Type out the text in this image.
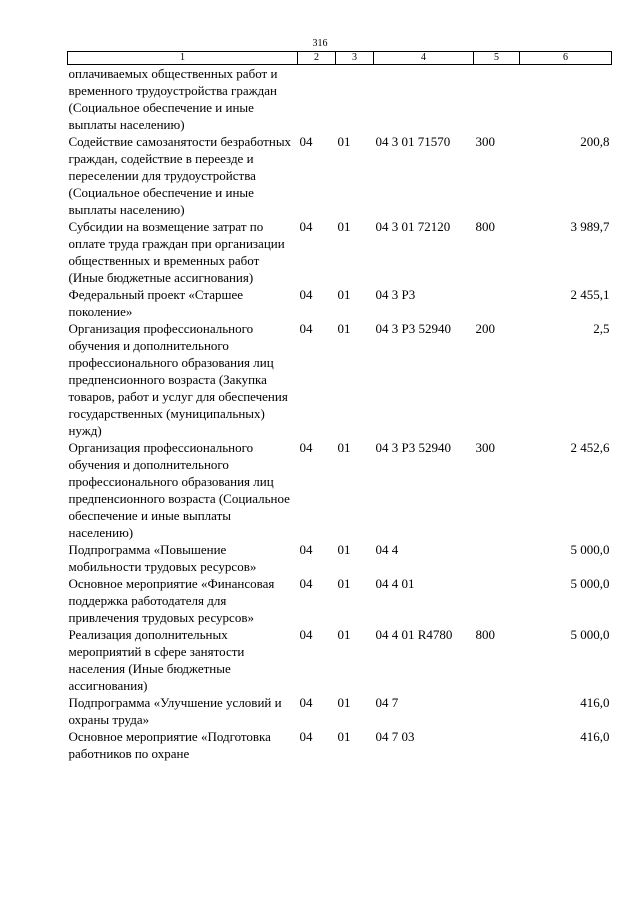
316
1	2	3	4	5	6
оплачиваемых общественных работ и временного трудоустройства граждан (Социальное обеспечение и иные выплаты населению)					
Содействие самозанятости безработных граждан, содействие в переезде и переселении для трудоустройства (Социальное обеспечение и иные выплаты населению)	04	01	04 3 01 71570	300	200,8
Субсидии на возмещение затрат по оплате труда граждан при организации общественных и временных работ (Иные бюджетные ассигнования)	04	01	04 3 01 72120	800	3 989,7
Федеральный проект «Старшее поколение»	04	01	04 3 P3		2 455,1
Организация профессионального обучения и дополнительного профессионального образования лиц предпенсионного возраста (Закупка товаров, работ и услуг для обеспечения государственных (муниципальных) нужд)	04	01	04 3 P3 52940	200	2,5
Организация профессионального обучения и дополнительного профессионального образования лиц предпенсионного возраста (Социальное обеспечение и иные выплаты населению)	04	01	04 3 P3 52940	300	2 452,6
Подпрограмма «Повышение мобильности трудовых ресурсов»	04	01	04 4		5 000,0
Основное мероприятие «Финансовая поддержка работодателя для привлечения трудовых ресурсов»	04	01	04 4 01		5 000,0
Реализация дополнительных мероприятий в сфере занятости населения (Иные бюджетные ассигнования)	04	01	04 4 01 R4780	800	5 000,0
Подпрограмма «Улучшение условий и охраны труда»	04	01	04 7		416,0
Основное мероприятие «Подготовка работников по охране	04	01	04 7 03		416,0
